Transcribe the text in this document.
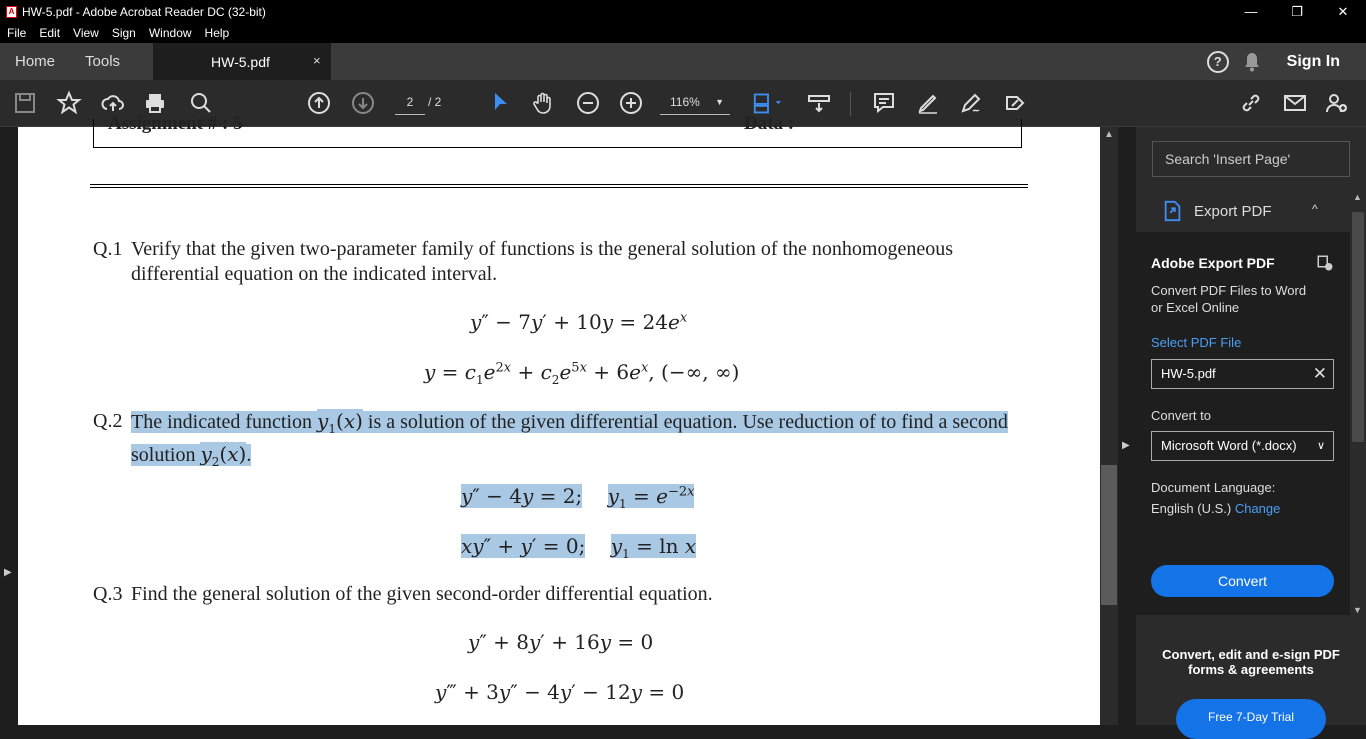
A HW-5.pdf - Adobe Acrobat Reader DC (32-bit)	—	❐	✕
File Edit View Sign Window Help
Home	Tools	HW-5.pdf	×	?	Sign In
2	/ 2	116% ▼
▶
Assignment # : 5	Data :
Q.1 Verify that the given two-parameter family of functions is the general solution of the nonhomogeneous differential equation on the indicated interval.
$y'' - 7y' + 10y = 24e^x$
$y = c_1e^{2x} + c_2e^{5x} + 6e^x$, (−∞, ∞)
Q.2 The indicated function $y_1(x)$ is a solution of the given differential equation. Use reduction of to find a second solution $y_2(x)$.
y″ − 4y = 2; $y_1 = e^{-2x}$
xy″ + y′ = 0; $y_1 = \ln x$
Q.3 Find the general solution of the given second-order differential equation.
y″ + 8y′ + 16y = 0
y‴ + 3y″ − 4y′ − 12y = 0
▲
▶
Search 'Insert Page'
Export PDF	^
Adobe Export PDF
Convert PDF Files to Word or Excel Online
Select PDF File
HW-5.pdf	✕
Convert to
Microsoft Word (*.docx) ∨
Document Language:
English (U.S.) Change
Convert
▲
▼
Convert, edit and e-sign PDF forms & agreements
Free 7-Day Trial
